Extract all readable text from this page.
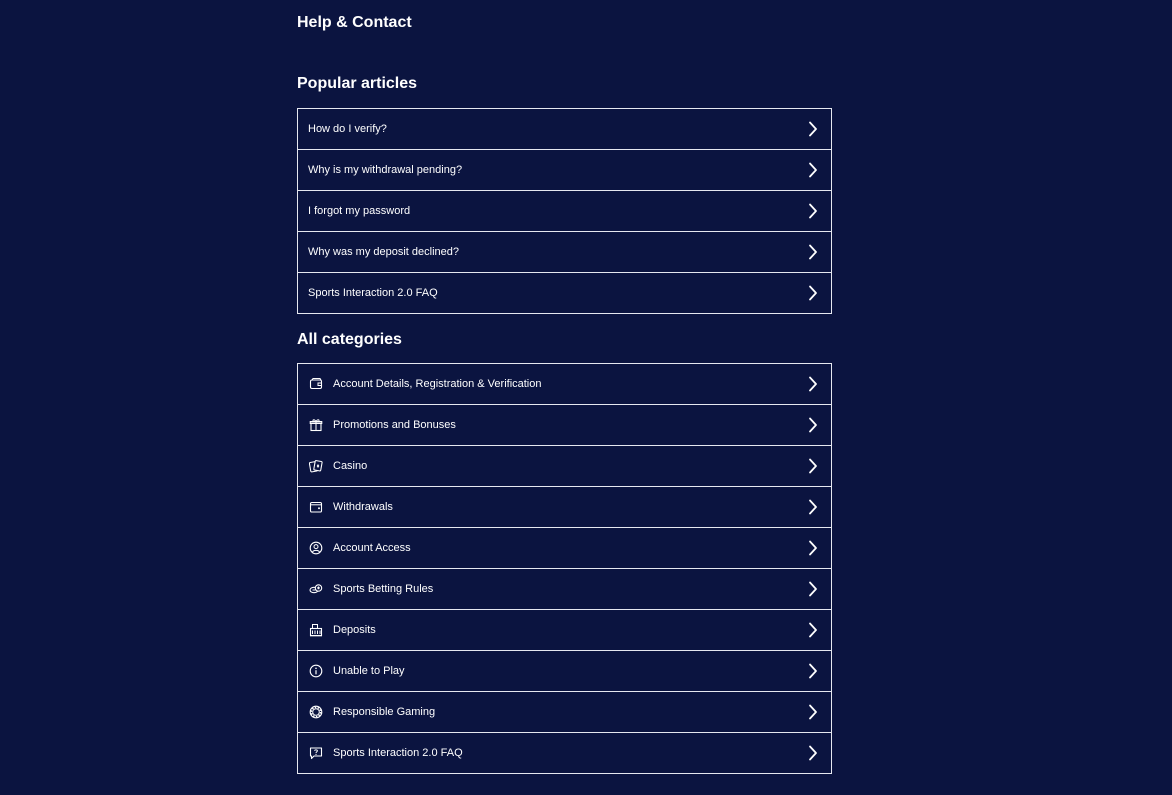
Help & Contact
Popular articles
How do I verify?
Why is my withdrawal pending?
I forgot my password
Why was my deposit declined?
Sports Interaction 2.0 FAQ
All categories
Account Details, Registration & Verification
Promotions and Bonuses
Casino
Withdrawals
Account Access
Sports Betting Rules
Deposits
Unable to Play
Responsible Gaming
Sports Interaction 2.0 FAQ
